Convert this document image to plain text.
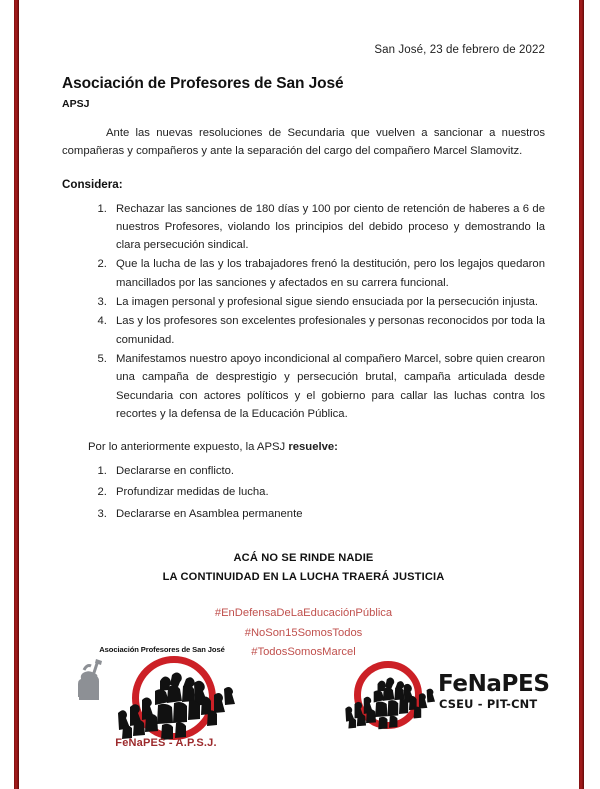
San José, 23 de febrero de 2022
Asociación de Profesores de San José
APSJ

Ante las nuevas resoluciones de Secundaria que vuelven a sancionar a nuestros compañeras y compañeros y ante la separación del cargo del compañero Marcel Slamovitz.

Considera:
1. Rechazar las sanciones de 180 días y 100 por ciento de retención de haberes a 6 de nuestros Profesores, violando los principios del debido proceso y demostrando la clara persecución sindical.
2. Que la lucha de las y los trabajadores frenó la destitución, pero los legajos quedaron mancillados por las sanciones y afectados en su carrera funcional.
3. La imagen personal y profesional sigue siendo ensuciada por la persecución injusta.
4. Las y los profesores son excelentes profesionales y personas reconocidos por toda la comunidad.
5. Manifestamos nuestro apoyo incondicional al compañero Marcel, sobre quien crearon una campaña de desprestigio y persecución brutal, campaña articulada desde Secundaria con actores políticos y el gobierno para callar las luchas contra los recortes y la defensa de la Educación Pública.
Por lo anteriormente expuesto, la APSJ resuelve:
1. Declararse en conflicto.
2. Profundizar medidas de lucha.
3. Declararse en Asamblea permanente
ACÁ NO SE RINDE NADIE
LA CONTINUIDAD EN LA LUCHA TRAERÁ JUSTICIA
#EnDefensaDeLaEducaciónPública
#NoSon15SomosTodos
#TodosSomosMarcel
Asociación Profesores de San José
FeNaPES - A.P.S.J.
FeNaPES
CSEU - PIT-CNT
